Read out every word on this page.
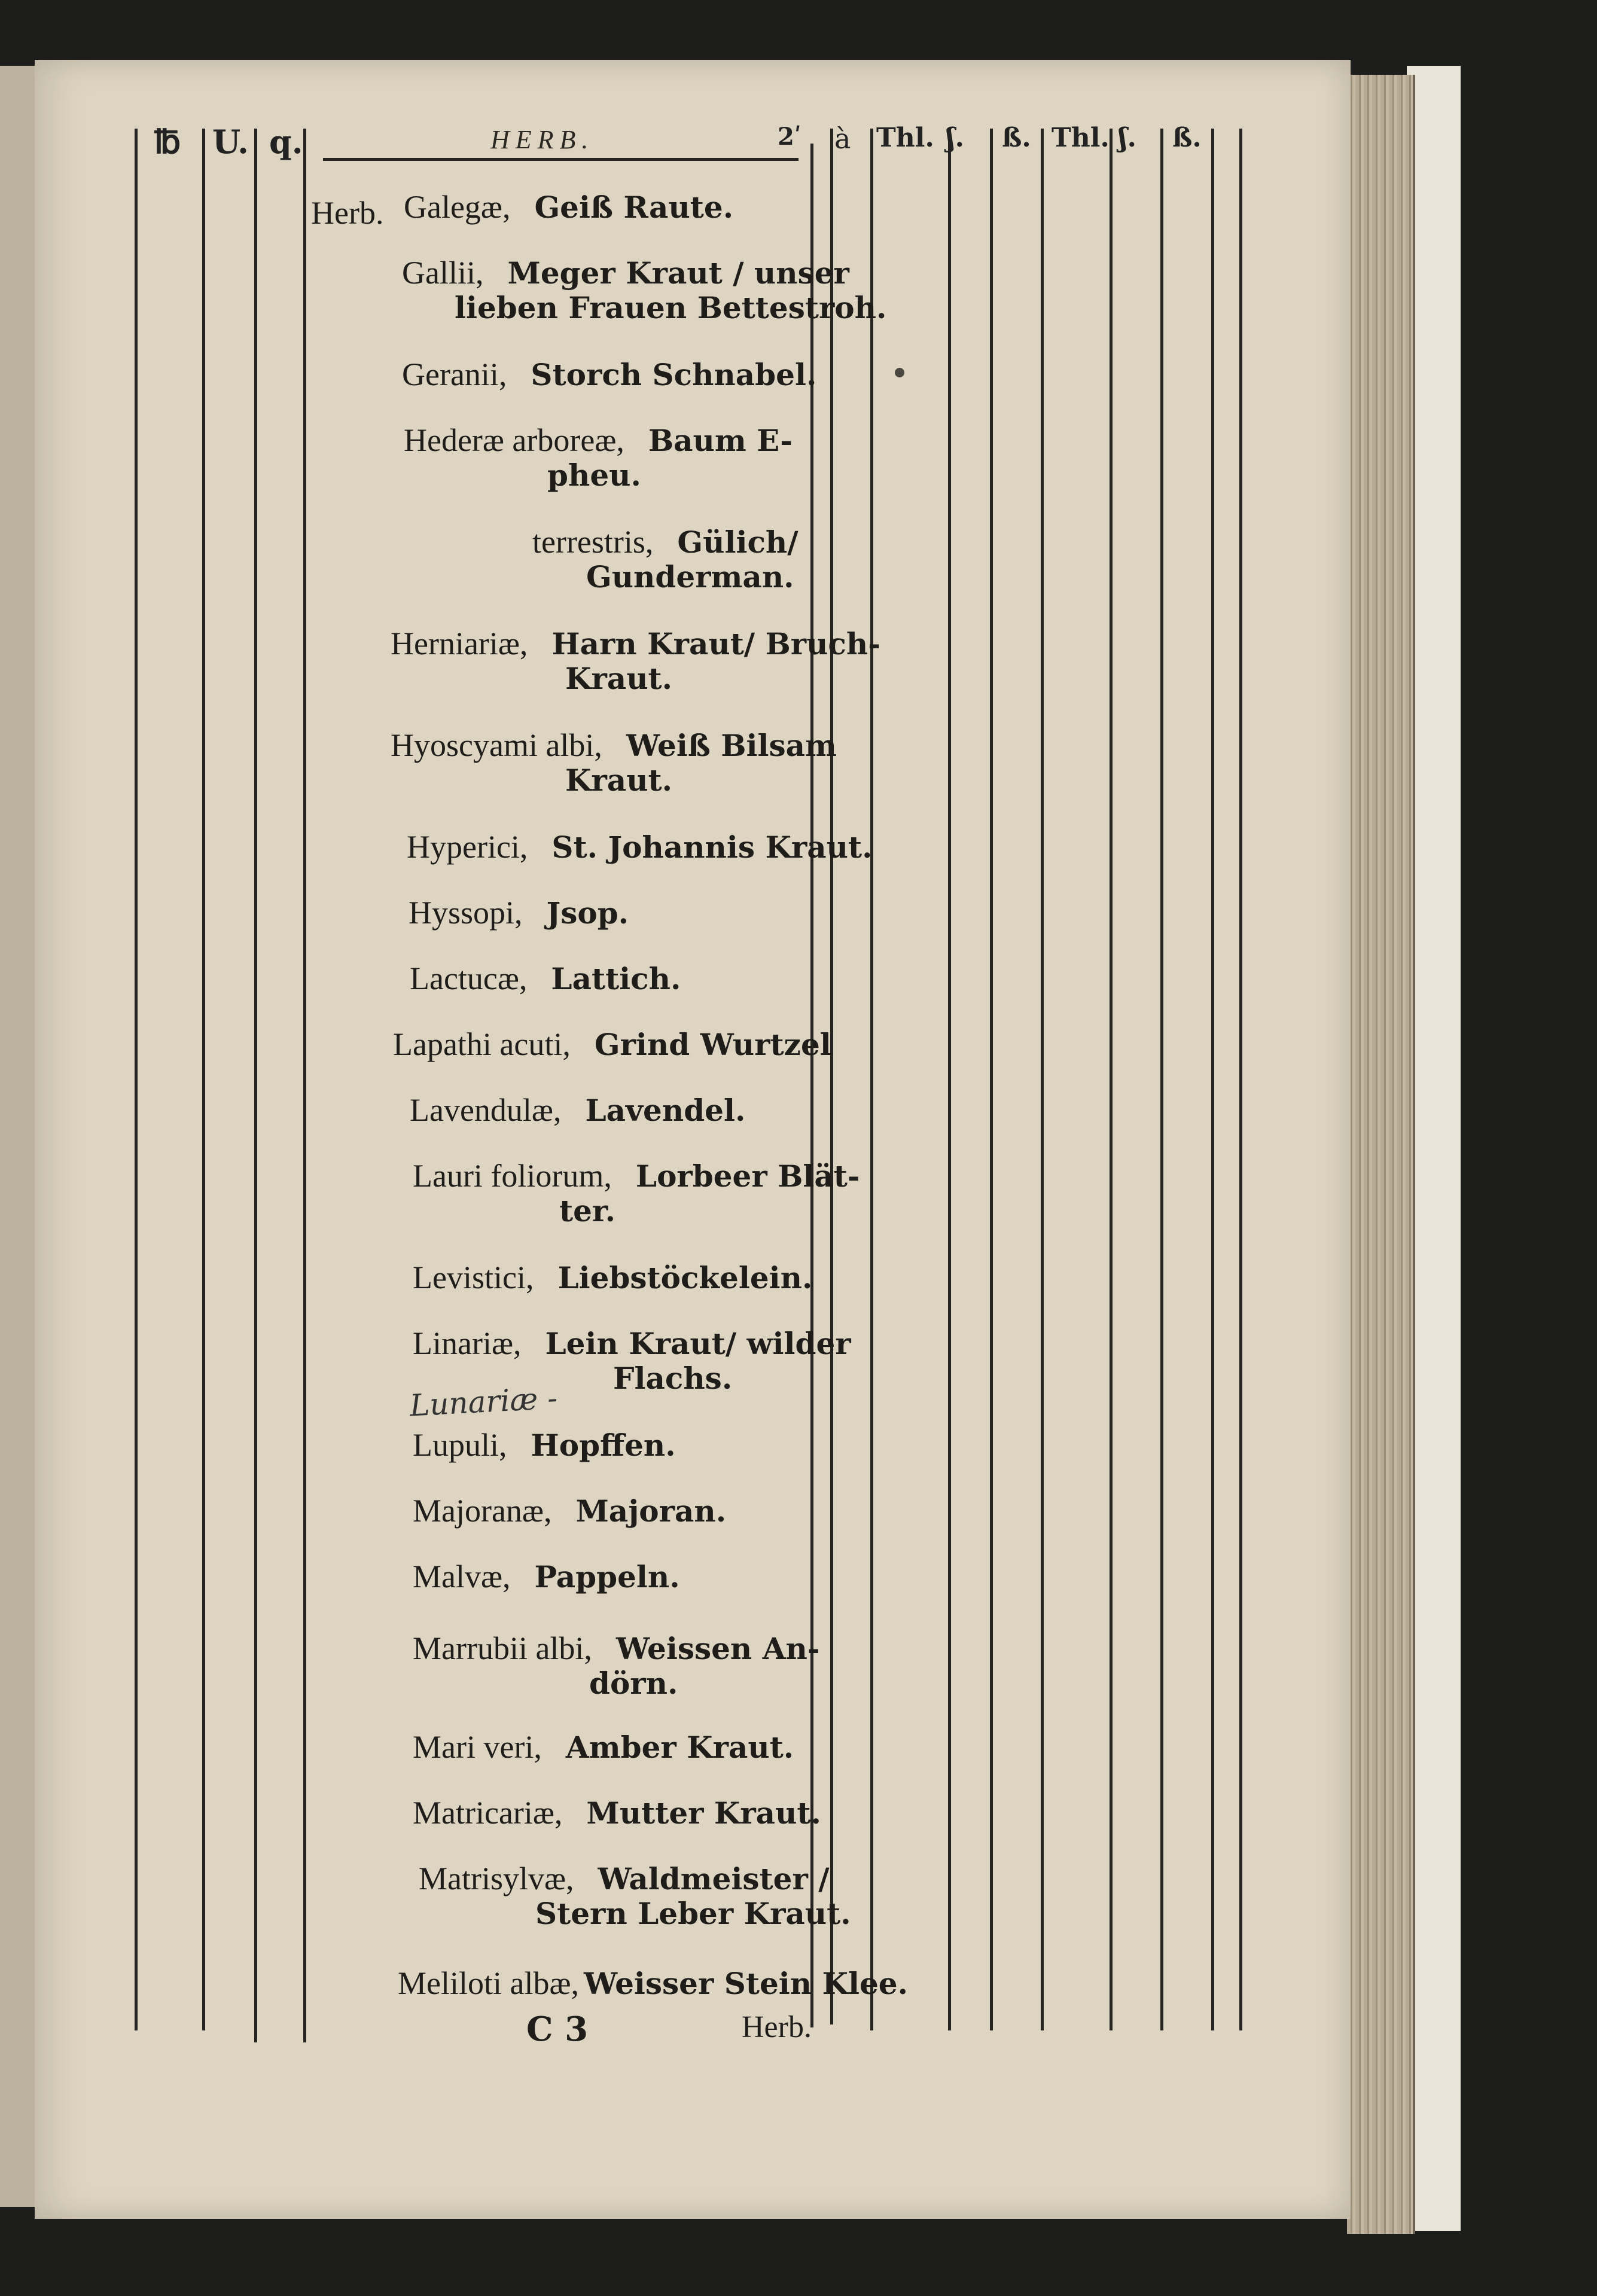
℔ U. q.	HERB.	2ʹ à Thl. ʃ. ß. Thl. ʃ. ß.
Herb. Galegæ, Geiß Raute.
Gallii, Meger Kraut / unser
lieben Frauen Bettestroh.
Geranii, Storch Schnabel.
Hederæ arboreæ, Baum E-
pheu.
terrestris, Gülich/
Gunderman.
Herniariæ, Harn Kraut/ Bruch-
Kraut.
Hyoscyami albi, Weiß Bilsam
Kraut.
Hyperici, St. Johannis Kraut.
Hyssopi, Jsop.
Lactucæ, Lattich.
Lapathi acuti, Grind Wurtzel
Lavendulæ, Lavendel.
Lauri foliorum, Lorbeer Blät-
ter.
Levistici, Liebstöckelein.
Linariæ, Lein Kraut/ wilder
Flachs.
Lunariæ -
Lupuli, Hopffen.
Majoranæ, Majoran.
Malvæ, Pappeln.
Marrubii albi, Weissen An-
dörn.
Mari veri, Amber Kraut.
Matricariæ, Mutter Kraut.
Matrisylvæ, Waldmeister /
Stern Leber Kraut.
Meliloti albæ, Weisser Stein Klee.
C 3	Herb.
